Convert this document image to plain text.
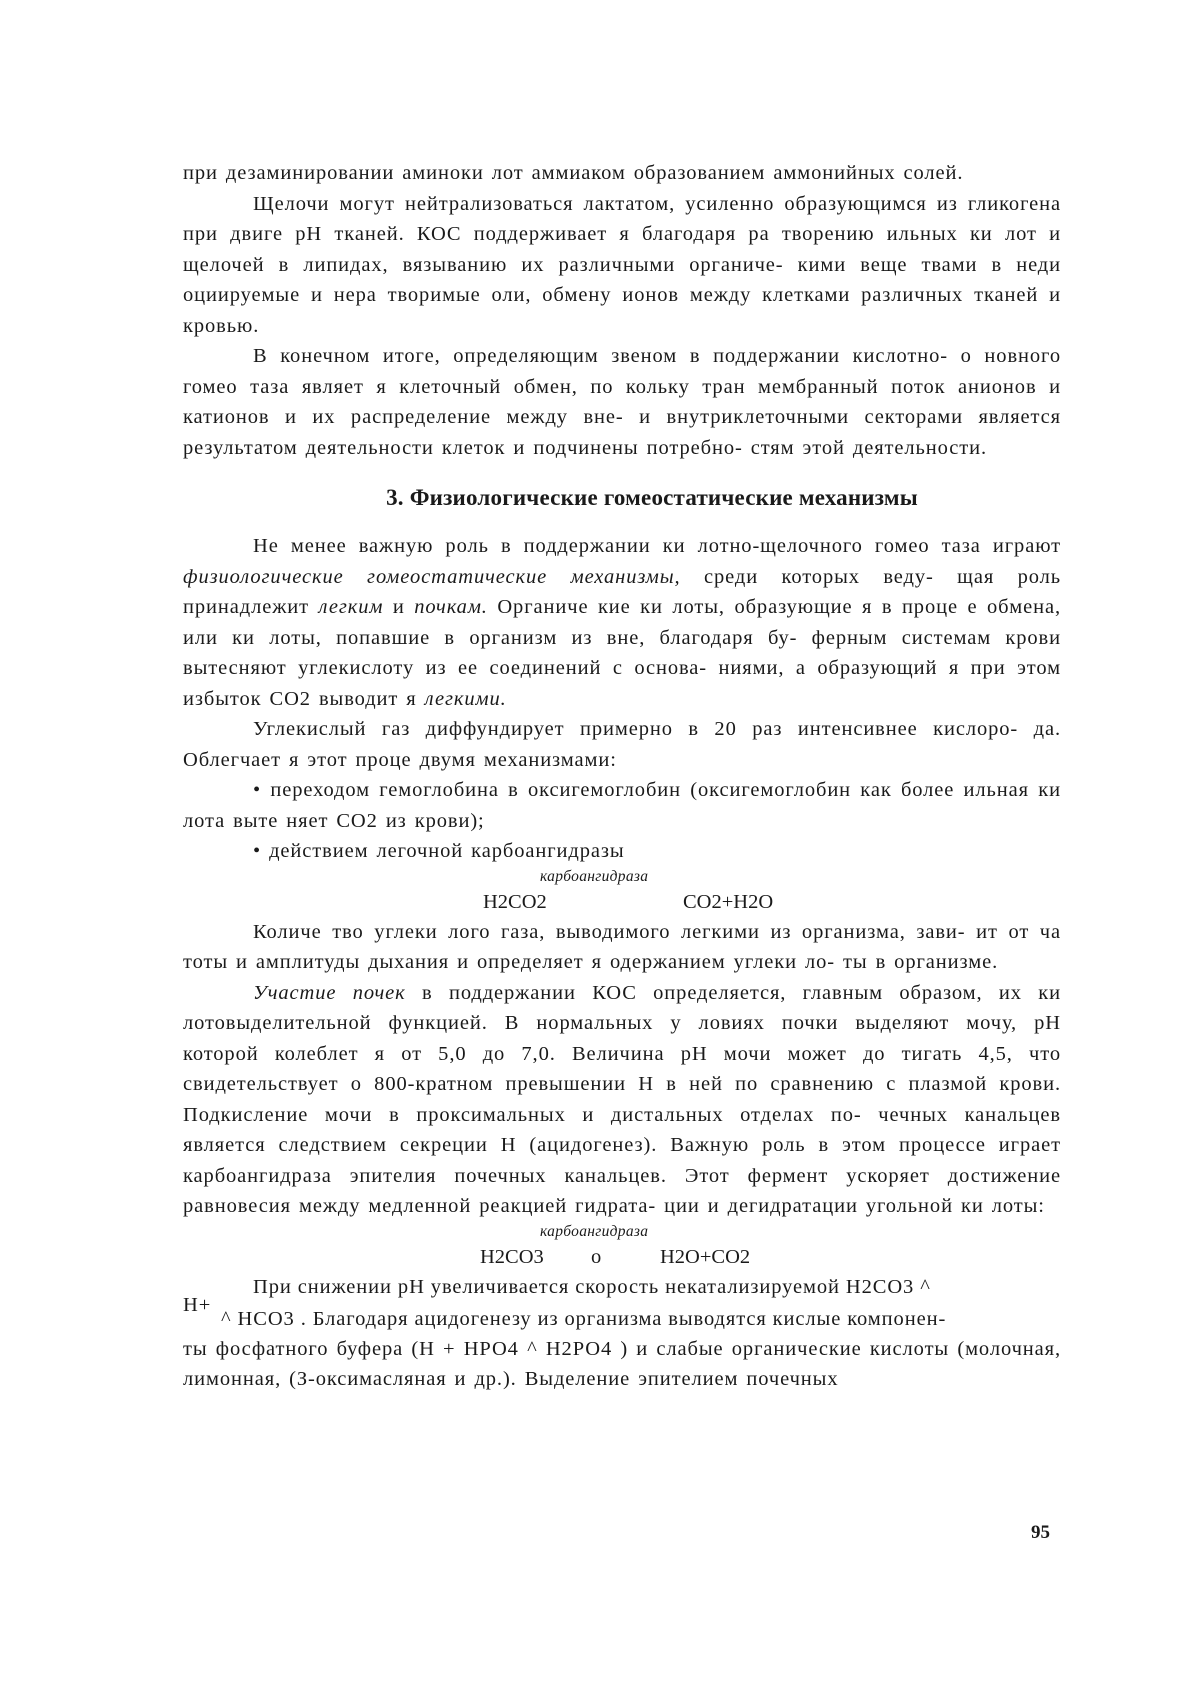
при дезаминировании аминоки лот аммиаком образованием аммонийных солей.

Щелочи могут нейтрализоваться лактатом, усиленно образующимся из гликогена при двиге рН тканей. КОС поддерживает я благодаря ра творению ильных ки лот и щелочей в липидах, вязыванию их различными органиче- кими веще твами в неди оциируемые и нера творимые оли, обмену ионов между клетками различных тканей и кровью.

В конечном итоге, определяющим звеном в поддержании кислотно- о новного гомео таза являет я клеточный обмен, по кольку тран мембранный поток анионов и катионов и их распределение между вне- и внутриклеточными секторами является результатом деятельности клеток и подчинены потребно- стям этой деятельности.

3. Физиологические гомеостатические механизмы

Не менее важную роль в поддержании ки лотно-щелочного гомео таза играют физиологические гомеостатические механизмы, среди которых веду- щая роль принадлежит легким и почкам. Органиче кие ки лоты, образующие я в проце е обмена, или ки лоты, попавшие в организм из вне, благодаря бу- ферным системам крови вытесняют углекислоту из ее соединений с основа- ниями, а образующий я при этом избыток СО2 выводит я легкими.

Углекислый газ диффундирует примерно в 20 раз интенсивнее кислоро- да. Облегчает я этот проце двумя механизмами:

• переходом гемоглобина в оксигемоглобин (оксигемоглобин как более ильная ки лота выте няет СО2 из крови);

• действием легочной карбоангидразы

карбоангидраза
Н2СО2	СО2+Н2О

Количе тво углеки лого газа, выводимого легкими из организма, зави- ит от ча тоты и амплитуды дыхания и определяет я одержанием углеки ло- ты в организме.

Участие почек в поддержании КОС определяется, главным образом, их ки лотовыделительной функцией. В нормальных у ловиях почки выделяют мочу, рН которой колеблет я от 5,0 до 7,0. Величина рН мочи может до тигать 4,5, что свидетельствует о 800-кратном превышении Н в ней по сравнению с плазмой крови. Подкисление мочи в проксимальных и дистальных отделах по- чечных канальцев является следствием секреции Н (ацидогенез). Важную роль в этом процессе играет карбоангидраза эпителия почечных канальцев. Этот фермент ускоряет достижение равновесия между медленной реакцией гидрата- ции и дегидратации угольной ки лоты:

карбоангидраза
Н2СО3 о	Н2О+СО2
При снижении рН увеличивается скорость некатализируемой Н2СО3 ^
Н+
^ НСО3 . Благодаря ацидогенезу из организма выводятся кислые компонен-

ты фосфатного буфера (Н + НРО4 ^ Н2РО4 ) и слабые органические кислоты (молочная, лимонная, (З-оксимасляная и др.). Выделение эпителием почечных

95
